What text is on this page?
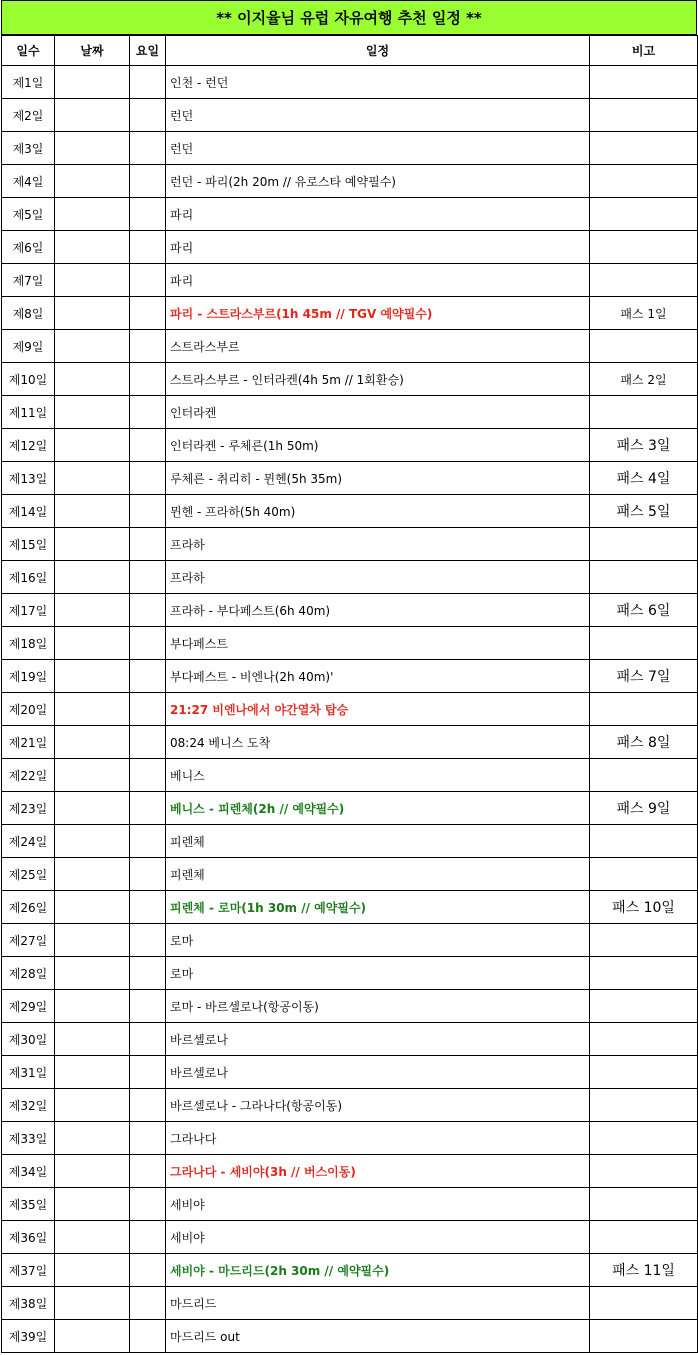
** 이지율님 유럽 자유여행 추천 일정 **
일수	날짜	요일	일정	비고
제1일			인천 - 런던	
제2일			런던	
제3일			런던	
제4일			런던 - 파리(2h 20m // 유로스타 예약필수)	
제5일			파리	
제6일			파리	
제7일			파리	
제8일			파리 - 스트라스부르(1h 45m // TGV 예약필수)	패스 1일
제9일			스트라스부르	
제10일			스트라스부르 - 인터라켄(4h 5m // 1회환승)	패스 2일
제11일			인터라켄	
제12일			인터라켄 - 루체른(1h 50m)	패스 3일
제13일			루체른 - 취리히 - 뮌헨(5h 35m)	패스 4일
제14일			뮌헨 - 프라하(5h 40m)	패스 5일
제15일			프라하	
제16일			프라하	
제17일			프라하 - 부다페스트(6h 40m)	패스 6일
제18일			부다페스트	
제19일			부다페스트 - 비엔나(2h 40m)'	패스 7일
제20일			21:27 비엔나에서 야간열차 탑승	
제21일			08:24 베니스 도착	패스 8일
제22일			베니스	
제23일			베니스 - 피렌체(2h // 예약필수)	패스 9일
제24일			피렌체	
제25일			피렌체	
제26일			피렌체 - 로마(1h 30m // 예약필수)	패스 10일
제27일			로마	
제28일			로마	
제29일			로마 - 바르셀로나(항공이동)	
제30일			바르셀로나	
제31일			바르셀로나	
제32일			바르셀로나 - 그라나다(항공이동)	
제33일			그라나다	
제34일			그라나다 - 세비야(3h // 버스이동)	
제35일			세비야	
제36일			세비야	
제37일			세비야 - 마드리드(2h 30m // 예약필수)	패스 11일
제38일			마드리드	
제39일			마드리드 out	
